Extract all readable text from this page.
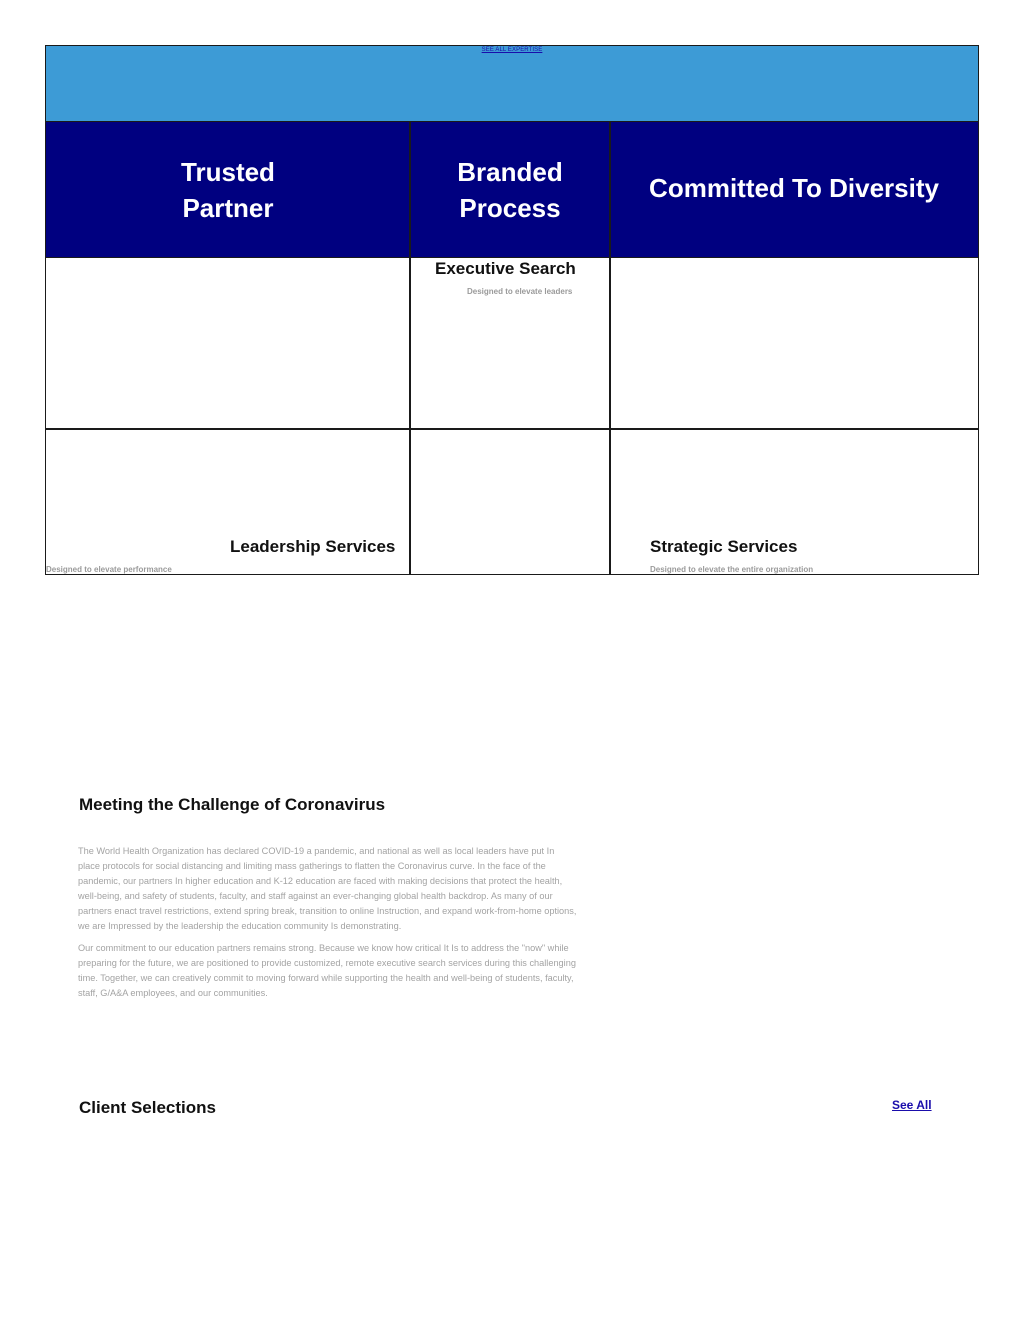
SEE ALL EXPERTISE
Trusted
Partner
Branded
Process
Committed To Diversity
Executive Search
Designed to elevate leaders
Leadership Services
Designed to elevate performance
Strategic Services
Designed to elevate the entire organization
Meeting the Challenge of Coronavirus

The World Health Organization has declared COVID-19 a pandemic, and national as well as local leaders have put In place protocols for social distancing and limiting mass gatherings to flatten the Coronavirus curve. In the face of the pandemic, our partners In higher education and K-12 education are faced with making decisions that protect the health, well-being, and safety of students, faculty, and staff against an ever-changing global health backdrop. As many of our partners enact travel restrictions, extend spring break, transition to online Instruction, and expand work-from-home options, we are Impressed by the leadership the education community Is demonstrating.

Our commitment to our education partners remains strong. Because we know how critical It Is to address the "now" while preparing for the future, we are positioned to provide customized, remote executive search services during this challenging time. Together, we can creatively commit to moving forward while supporting the health and well-being of students, faculty, staff, G/A&A employees, and our communities.

Client Selections	See All
